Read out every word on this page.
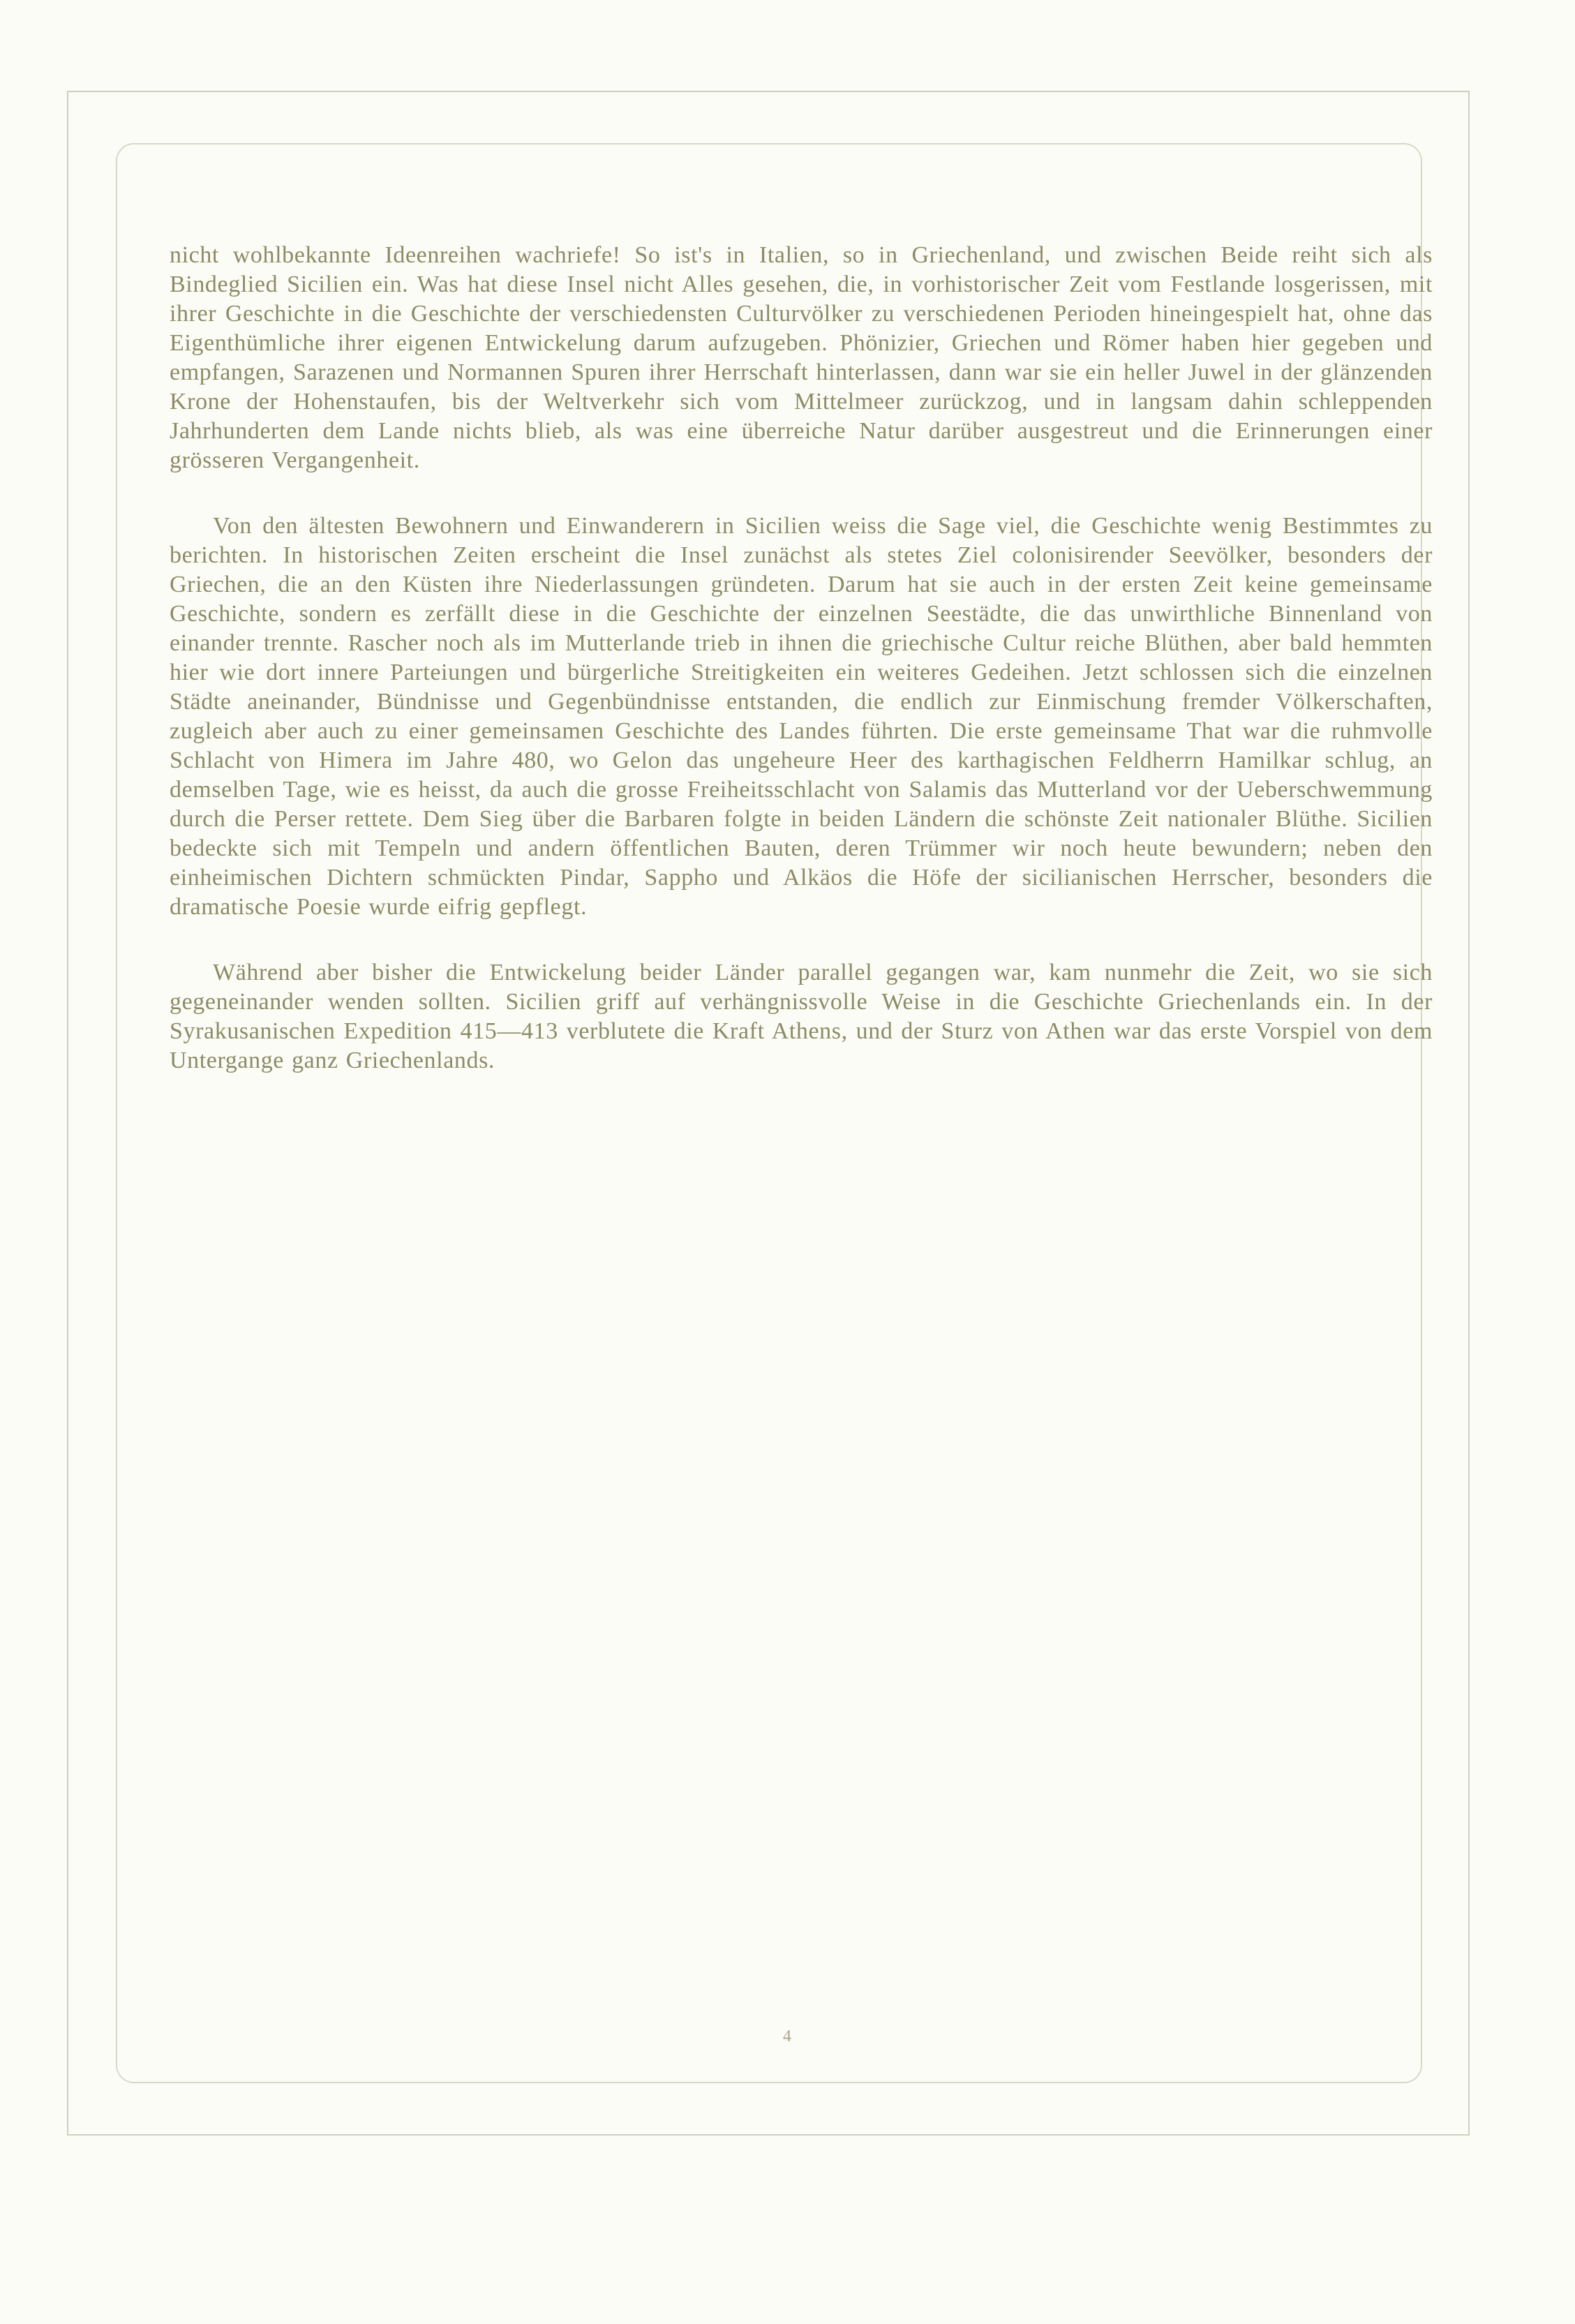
nicht wohlbekannte Ideenreihen wachriefe! So ist's in Italien, so in Griechenland, und zwischen Beide reiht sich als Bindeglied Sicilien ein. Was hat diese Insel nicht Alles gesehen, die, in vorhistorischer Zeit vom Festlande losgerissen, mit ihrer Geschichte in die Geschichte der verschiedensten Culturvölker zu verschiedenen Perioden hineingespielt hat, ohne das Eigenthümliche ihrer eigenen Entwickelung darum aufzugeben. Phönizier, Griechen und Römer haben hier gegeben und empfangen, Sarazenen und Normannen Spuren ihrer Herrschaft hinterlassen, dann war sie ein heller Juwel in der glänzenden Krone der Hohenstaufen, bis der Weltverkehr sich vom Mittelmeer zurückzog, und in langsam dahin schleppenden Jahrhunderten dem Lande nichts blieb, als was eine überreiche Natur darüber ausgestreut und die Erinnerungen einer grösseren Vergangenheit.

Von den ältesten Bewohnern und Einwanderern in Sicilien weiss die Sage viel, die Geschichte wenig Bestimmtes zu berichten. In historischen Zeiten erscheint die Insel zunächst als stetes Ziel colonisirender Seevölker, besonders der Griechen, die an den Küsten ihre Niederlassungen gründeten. Darum hat sie auch in der ersten Zeit keine gemeinsame Geschichte, sondern es zerfällt diese in die Geschichte der einzelnen Seestädte, die das unwirthliche Binnenland von einander trennte. Rascher noch als im Mutterlande trieb in ihnen die griechische Cultur reiche Blüthen, aber bald hemmten hier wie dort innere Parteiungen und bürgerliche Streitigkeiten ein weiteres Gedeihen. Jetzt schlossen sich die einzelnen Städte aneinander, Bündnisse und Gegenbündnisse entstanden, die endlich zur Einmischung fremder Völkerschaften, zugleich aber auch zu einer gemeinsamen Geschichte des Landes führten. Die erste gemeinsame That war die ruhmvolle Schlacht von Himera im Jahre 480, wo Gelon das ungeheure Heer des karthagischen Feldherrn Hamilkar schlug, an demselben Tage, wie es heisst, da auch die grosse Freiheitsschlacht von Salamis das Mutterland vor der Ueberschwemmung durch die Perser rettete. Dem Sieg über die Barbaren folgte in beiden Ländern die schönste Zeit nationaler Blüthe. Sicilien bedeckte sich mit Tempeln und andern öffentlichen Bauten, deren Trümmer wir noch heute bewundern; neben den einheimischen Dichtern schmückten Pindar, Sappho und Alkäos die Höfe der sicilianischen Herrscher, besonders die dramatische Poesie wurde eifrig gepflegt.

Während aber bisher die Entwickelung beider Länder parallel gegangen war, kam nunmehr die Zeit, wo sie sich gegeneinander wenden sollten. Sicilien griff auf verhängnissvolle Weise in die Geschichte Griechenlands ein. In der Syrakusanischen Expedition 415—413 verblutete die Kraft Athens, und der Sturz von Athen war das erste Vorspiel von dem Untergange ganz Griechenlands.

4
